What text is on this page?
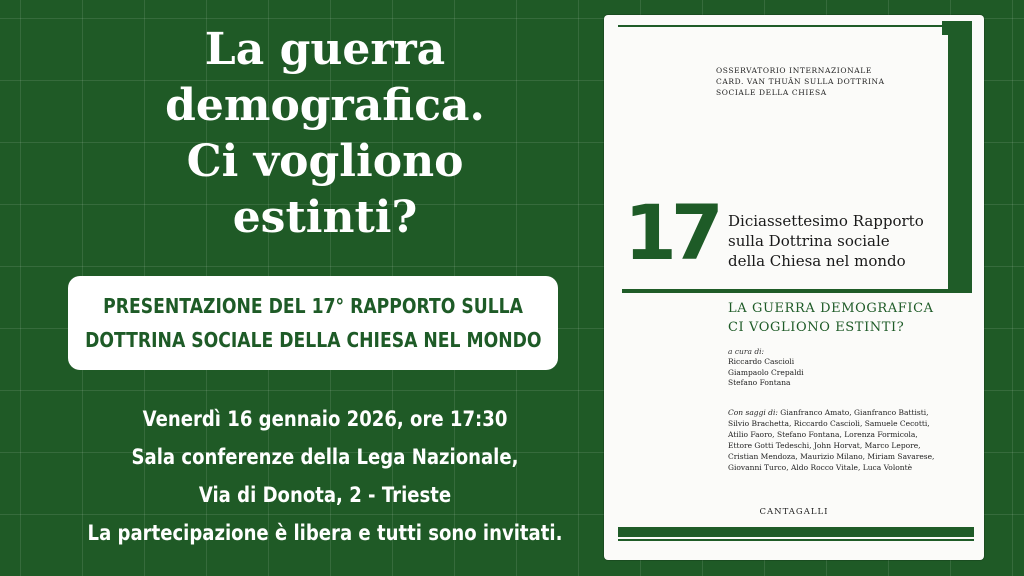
La guerra
demografica.
Ci vogliono
estinti?
PRESENTAZIONE DEL 17° RAPPORTO SULLA
DOTTRINA SOCIALE DELLA CHIESA NEL MONDO
Venerdì 16 gennaio 2026, ore 17:30
Sala conferenze della Lega Nazionale,
Via di Donota, 2 - Trieste
La partecipazione è libera e tutti sono invitati.
OSSERVATORIO INTERNAZIONALE
CARD. VAN THUÂN SULLA DOTTRINA
SOCIALE DELLA CHIESA
17 Diciassettesimo Rapporto
sulla Dottrina sociale
della Chiesa nel mondo
LA GUERRA DEMOGRAFICA
CI VOGLIONO ESTINTI?
a cura di:
Riccardo Cascioli
Giampaolo Crepaldi
Stefano Fontana
Con saggi di: Gianfranco Amato, Gianfranco Battisti,
Silvio Brachetta, Riccardo Cascioli, Samuele Cecotti,
Atilio Faoro, Stefano Fontana, Lorenza Formicola,
Ettore Gotti Tedeschi, John Horvat, Marco Lepore,
Cristian Mendoza, Maurizio Milano, Miriam Savarese,
Giovanni Turco, Aldo Rocco Vitale, Luca Volontè
CANTAGALLI
